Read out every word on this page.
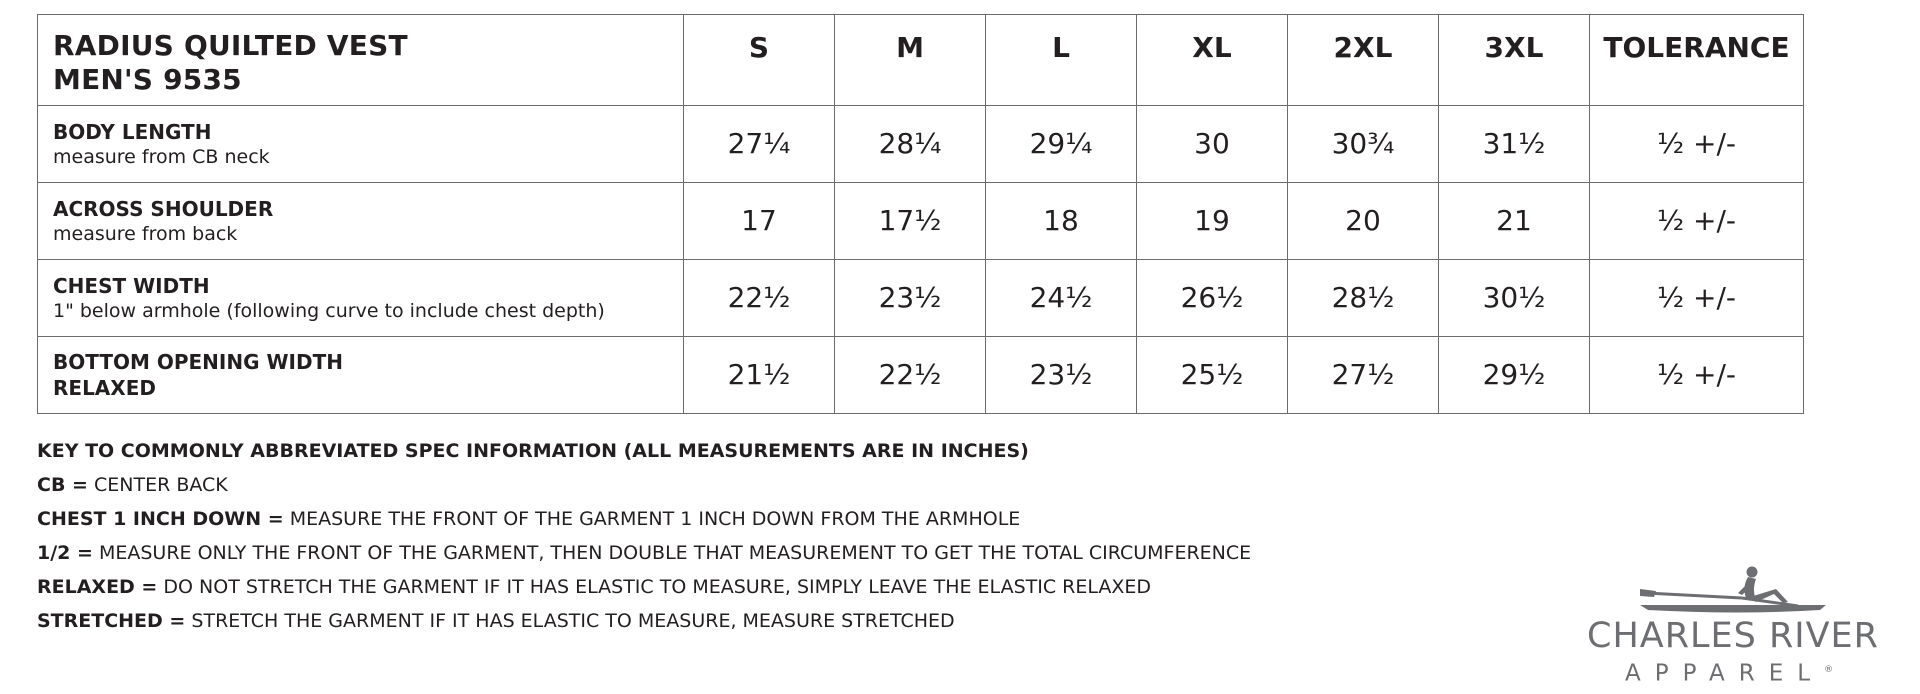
RADIUS QUILTED VEST
MEN'S 9535	S	M	L	XL	2XL	3XL	TOLERANCE

BODY LENGTH
measure from CB neck	27¼	28¼	29¼	30	30¾	31½	½ +/-

ACROSS SHOULDER
measure from back	17	17½	18	19	20	21	½ +/-

CHEST WIDTH
1" below armhole (following curve to include chest depth)	22½	23½	24½	26½	28½	30½	½ +/-

BOTTOM OPENING WIDTH
RELAXED	21½	22½	23½	25½	27½	29½	½ +/-
KEY TO COMMONLY ABBREVIATED SPEC INFORMATION (ALL MEASUREMENTS ARE IN INCHES)
CB = CENTER BACK
CHEST 1 INCH DOWN = MEASURE THE FRONT OF THE GARMENT 1 INCH DOWN FROM THE ARMHOLE
1/2 = MEASURE ONLY THE FRONT OF THE GARMENT, THEN DOUBLE THAT MEASUREMENT TO GET THE TOTAL CIRCUMFERENCE
RELAXED = DO NOT STRETCH THE GARMENT IF IT HAS ELASTIC TO MEASURE, SIMPLY LEAVE THE ELASTIC RELAXED
STRETCHED = STRETCH THE GARMENT IF IT HAS ELASTIC TO MEASURE, MEASURE STRETCHED	CHARLES RIVER
APPAREL®
